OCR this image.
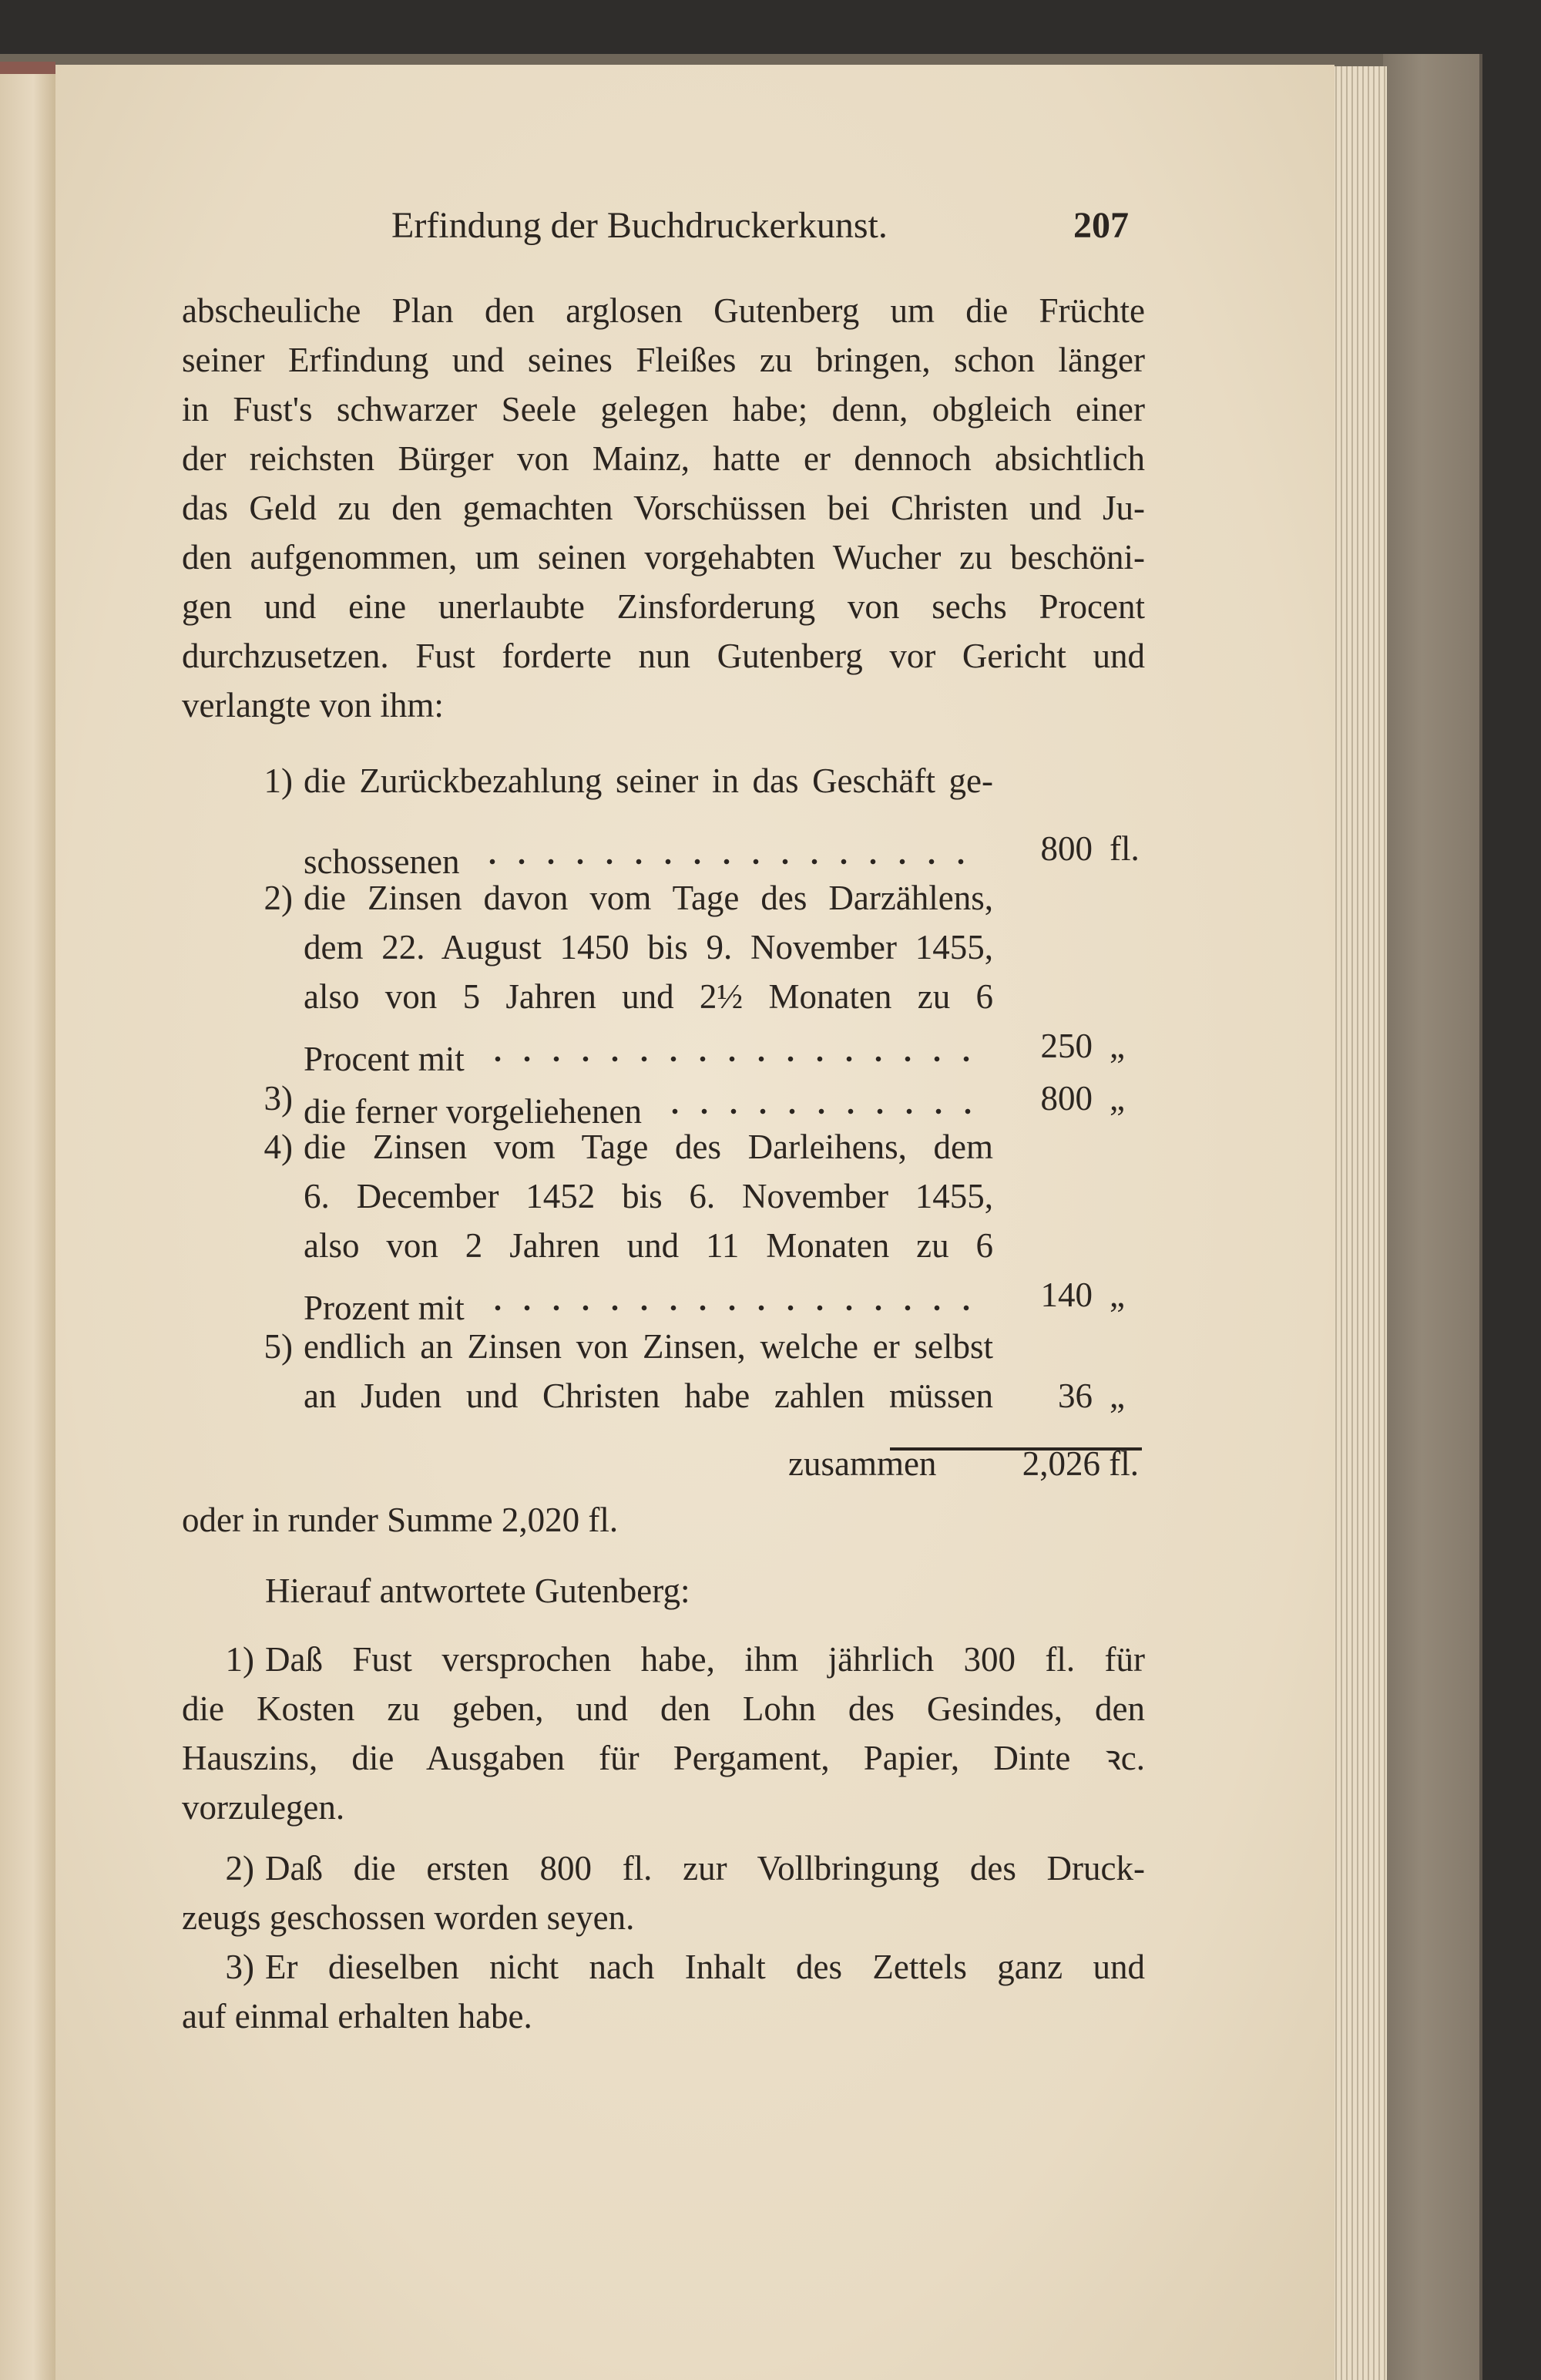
Erfindung der Buchdruckerkunst.	207
abscheuliche Plan den arglosen Gutenberg um die Früchte
seiner Erfindung und seines Fleißes zu bringen, schon länger
in Fust's schwarzer Seele gelegen habe; denn, obgleich einer
der reichsten Bürger von Mainz, hatte er dennoch absichtlich
das Geld zu den gemachten Vorschüssen bei Christen und Ju-
den aufgenommen, um seinen vorgehabten Wucher zu beschöni-
gen und eine unerlaubte Zinsforderung von sechs Procent
durchzusetzen. Fust forderte nun Gutenberg vor Gericht und
verlangte von ihm:
1) die Zurückbezahlung seiner in das Geschäft ge-
schossenen	800 fl.
2) die Zinsen davon vom Tage des Darzählens,
dem 22. August 1450 bis 9. November 1455,
also von 5 Jahren und 2½ Monaten zu 6
Procent mit	250 „
3) die ferner vorgeliehenen	800 „
4) die Zinsen vom Tage des Darleihens, dem
6. December 1452 bis 6. November 1455,
also von 2 Jahren und 11 Monaten zu 6
Prozent mit	140 „
5) endlich an Zinsen von Zinsen, welche er selbst
an Juden und Christen habe zahlen müssen	36 „
zusammen	2,026 fl.
oder in runder Summe 2,020 fl.
Hierauf antwortete Gutenberg:
1) Daß Fust versprochen habe, ihm jährlich 300 fl. für
die Kosten zu geben, und den Lohn des Gesindes, den
Hauszins, die Ausgaben für Pergament, Papier, Dinte ꝛc.
vorzulegen.
2) Daß die ersten 800 fl. zur Vollbringung des Druck-
zeugs geschossen worden seyen.
3) Er dieselben nicht nach Inhalt des Zettels ganz und
auf einmal erhalten habe.
